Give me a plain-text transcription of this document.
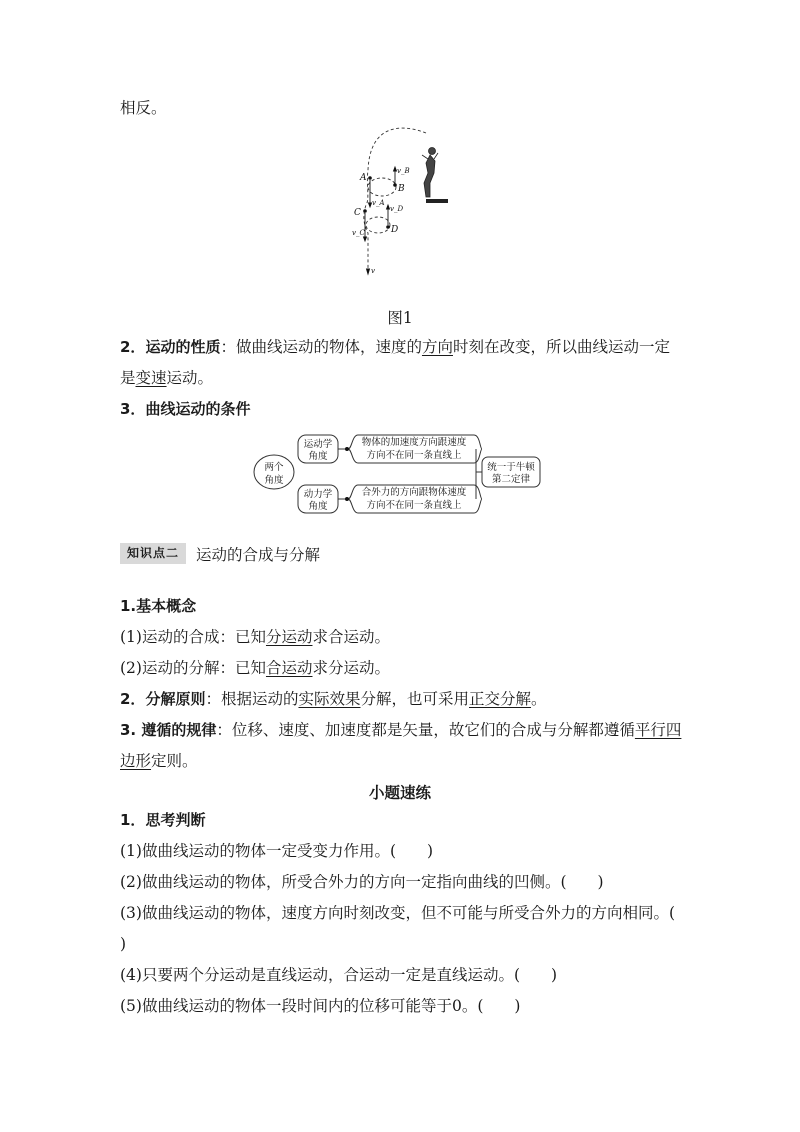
相反。
A
B
C
D
v_B
v_A
v_D
v_C
v
图1
2．运动的性质：做曲线运动的物体，速度的方向时刻在改变，所以曲线运动一定
是变速运动。
3．曲线运动的条件
两个
角度
运动学
角度
动力学
角度
物体的加速度方向跟速度
方向不在同一条直线上
合外力的方向跟物体速度
方向不在同一条直线上
统一于牛顿
第二定律
知识点二	运动的合成与分解
1.基本概念
(1)运动的合成：已知分运动求合运动。
(2)运动的分解：已知合运动求分运动。
2．分解原则：根据运动的实际效果分解，也可采用正交分解。
3. 遵循的规律：位移、速度、加速度都是矢量，故它们的合成与分解都遵循平行四
边形定则。
小题速练
1．思考判断
(1)做曲线运动的物体一定受变力作用。(　　)
(2)做曲线运动的物体，所受合外力的方向一定指向曲线的凹侧。(　　)
(3)做曲线运动的物体，速度方向时刻改变，但不可能与所受合外力的方向相同。(
)
(4)只要两个分运动是直线运动，合运动一定是直线运动。(　　)
(5)做曲线运动的物体一段时间内的位移可能等于0。(　　)
